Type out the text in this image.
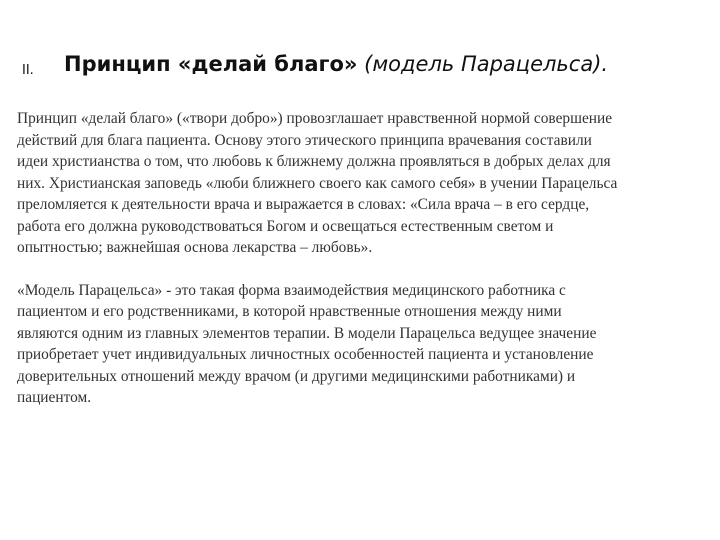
II. Принцип «делай благо» (модель Парацельса).
Принцип «делай благо» («твори добро») провозглашает нравственной нормой совершение
действий для блага пациента. Основу этого этического принципа врачевания составили
идеи христианства о том, что любовь к ближнему должна проявляться в добрых делах для
них. Христианская заповедь «люби ближнего своего как самого себя» в учении Парацельса
преломляется к деятельности врача и выражается в словах: «Сила врача – в его сердце,
работа его должна руководствоваться Богом и освещаться естественным светом и
опытностью; важнейшая основа лекарства – любовь».
«Модель Парацельса» - это такая форма взаимодействия медицинского работника с
пациентом и его родственниками, в которой нравственные отношения между ними
являются одним из главных элементов терапии. В модели Парацельса ведущее значение
приобретает учет индивидуальных личностных особенностей пациента и установление
доверительных отношений между врачом (и другими медицинскими работниками) и
пациентом.
